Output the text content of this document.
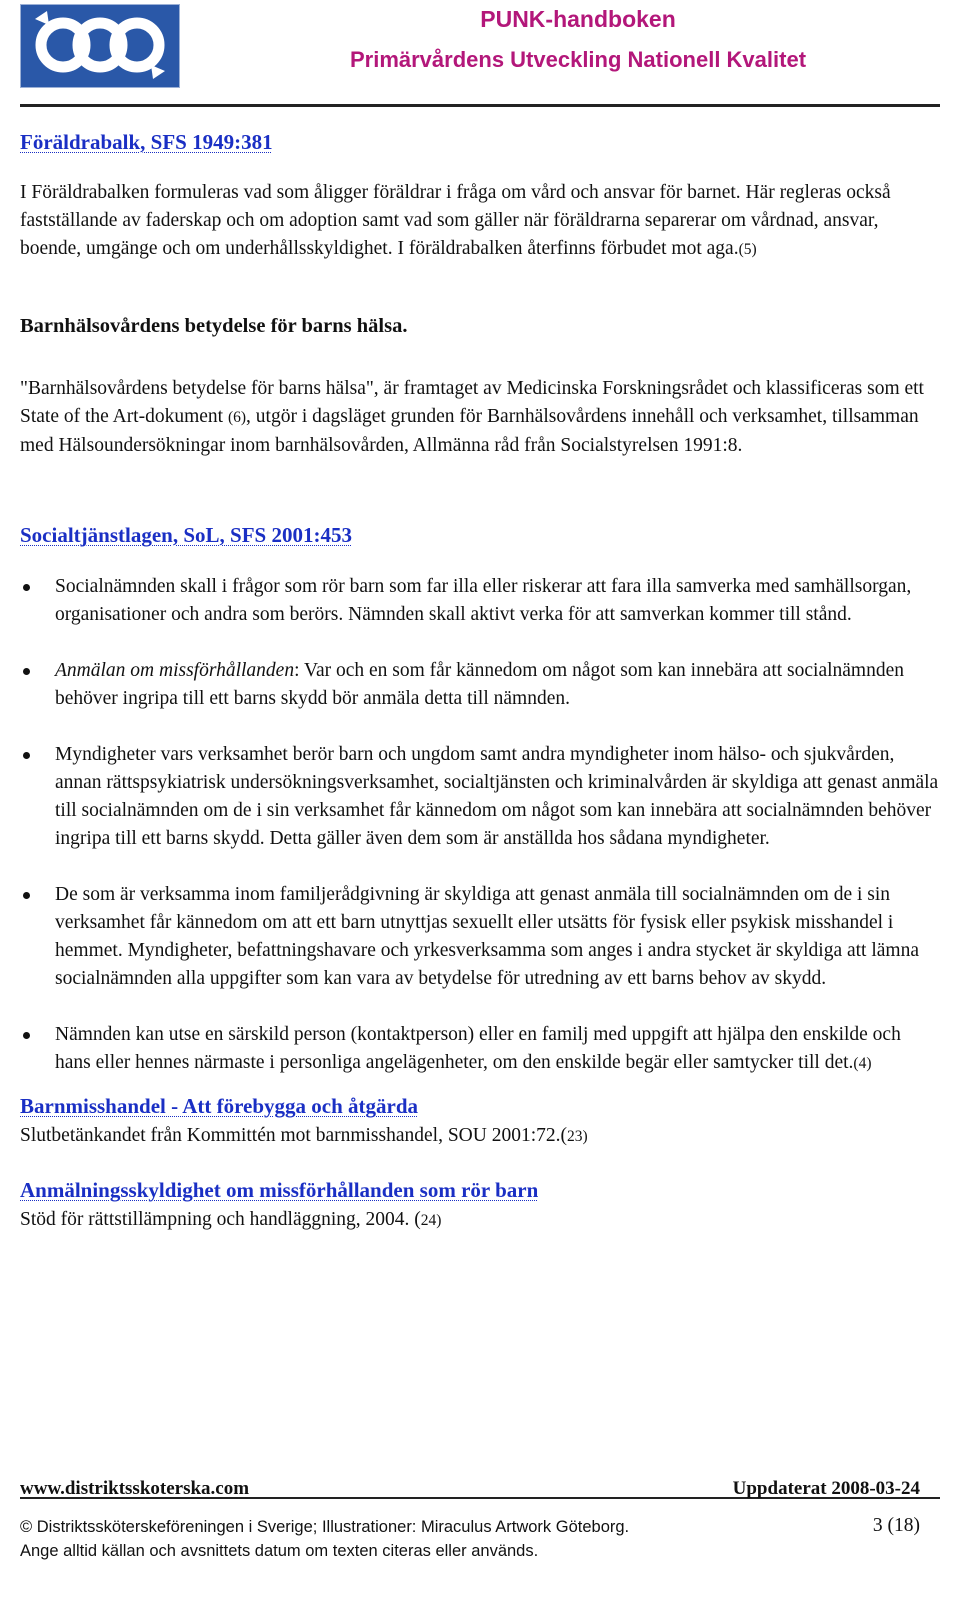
PUNK-handboken
Primärvårdens Utveckling Nationell Kvalitet
Föräldrabalk, SFS 1949:381

I Föräldrabalken formuleras vad som åligger föräldrar i fråga om vård och ansvar för barnet. Här regleras också fastställande av faderskap och om adoption samt vad som gäller när föräldrarna separerar om vårdnad, ansvar, boende, umgänge och om underhållsskyldighet. I föräldrabalken återfinns förbudet mot aga.(5)

Barnhälsovårdens betydelse för barns hälsa.

"Barnhälsovårdens betydelse för barns hälsa", är framtaget av Medicinska Forskningsrådet och klassificeras som ett State of the Art-dokument (6), utgör i dagsläget grunden för Barnhälsovårdens innehåll och verksamhet, tillsamman med Hälsoundersökningar inom barnhälsovården, Allmänna råd från Socialstyrelsen 1991:8.

Socialtjänstlagen, SoL, SFS 2001:453
Socialnämnden skall i frågor som rör barn som far illa eller riskerar att fara illa samverka med samhällsorgan, organisationer och andra som berörs. Nämnden skall aktivt verka för att samverkan kommer till stånd.
Anmälan om missförhållanden: Var och en som får kännedom om något som kan innebära att socialnämnden behöver ingripa till ett barns skydd bör anmäla detta till nämnden.
Myndigheter vars verksamhet berör barn och ungdom samt andra myndigheter inom hälso- och sjukvården, annan rättspsykiatrisk undersökningsverksamhet, socialtjänsten och kriminalvården är skyldiga att genast anmäla till socialnämnden om de i sin verksamhet får kännedom om något som kan innebära att socialnämnden behöver ingripa till ett barns skydd. Detta gäller även dem som är anställda hos sådana myndigheter.
De som är verksamma inom familjerådgivning är skyldiga att genast anmäla till socialnämnden om de i sin verksamhet får kännedom om att ett barn utnyttjas sexuellt eller utsätts för fysisk eller psykisk misshandel i hemmet. Myndigheter, befattningshavare och yrkesverksamma som anges i andra stycket är skyldiga att lämna socialnämnden alla uppgifter som kan vara av betydelse för utredning av ett barns behov av skydd.
Nämnden kan utse en särskild person (kontaktperson) eller en familj med uppgift att hjälpa den enskilde och hans eller hennes närmaste i personliga angelägenheter, om den enskilde begär eller samtycker till det.(4)
Barnmisshandel - Att förebygga och åtgärda

Slutbetänkandet från Kommittén mot barnmisshandel, SOU 2001:72.(23)

Anmälningsskyldighet om missförhållanden som rör barn

Stöd för rättstillämpning och handläggning, 2004. (24)

www.distriktsskoterska.com	Uppdaterat 2008-03-24
© Distriktssköterskeföreningen i Sverige; Illustrationer: Miraculus Artwork Göteborg.	3 (18)
Ange alltid källan och avsnittets datum om texten citeras eller används.
